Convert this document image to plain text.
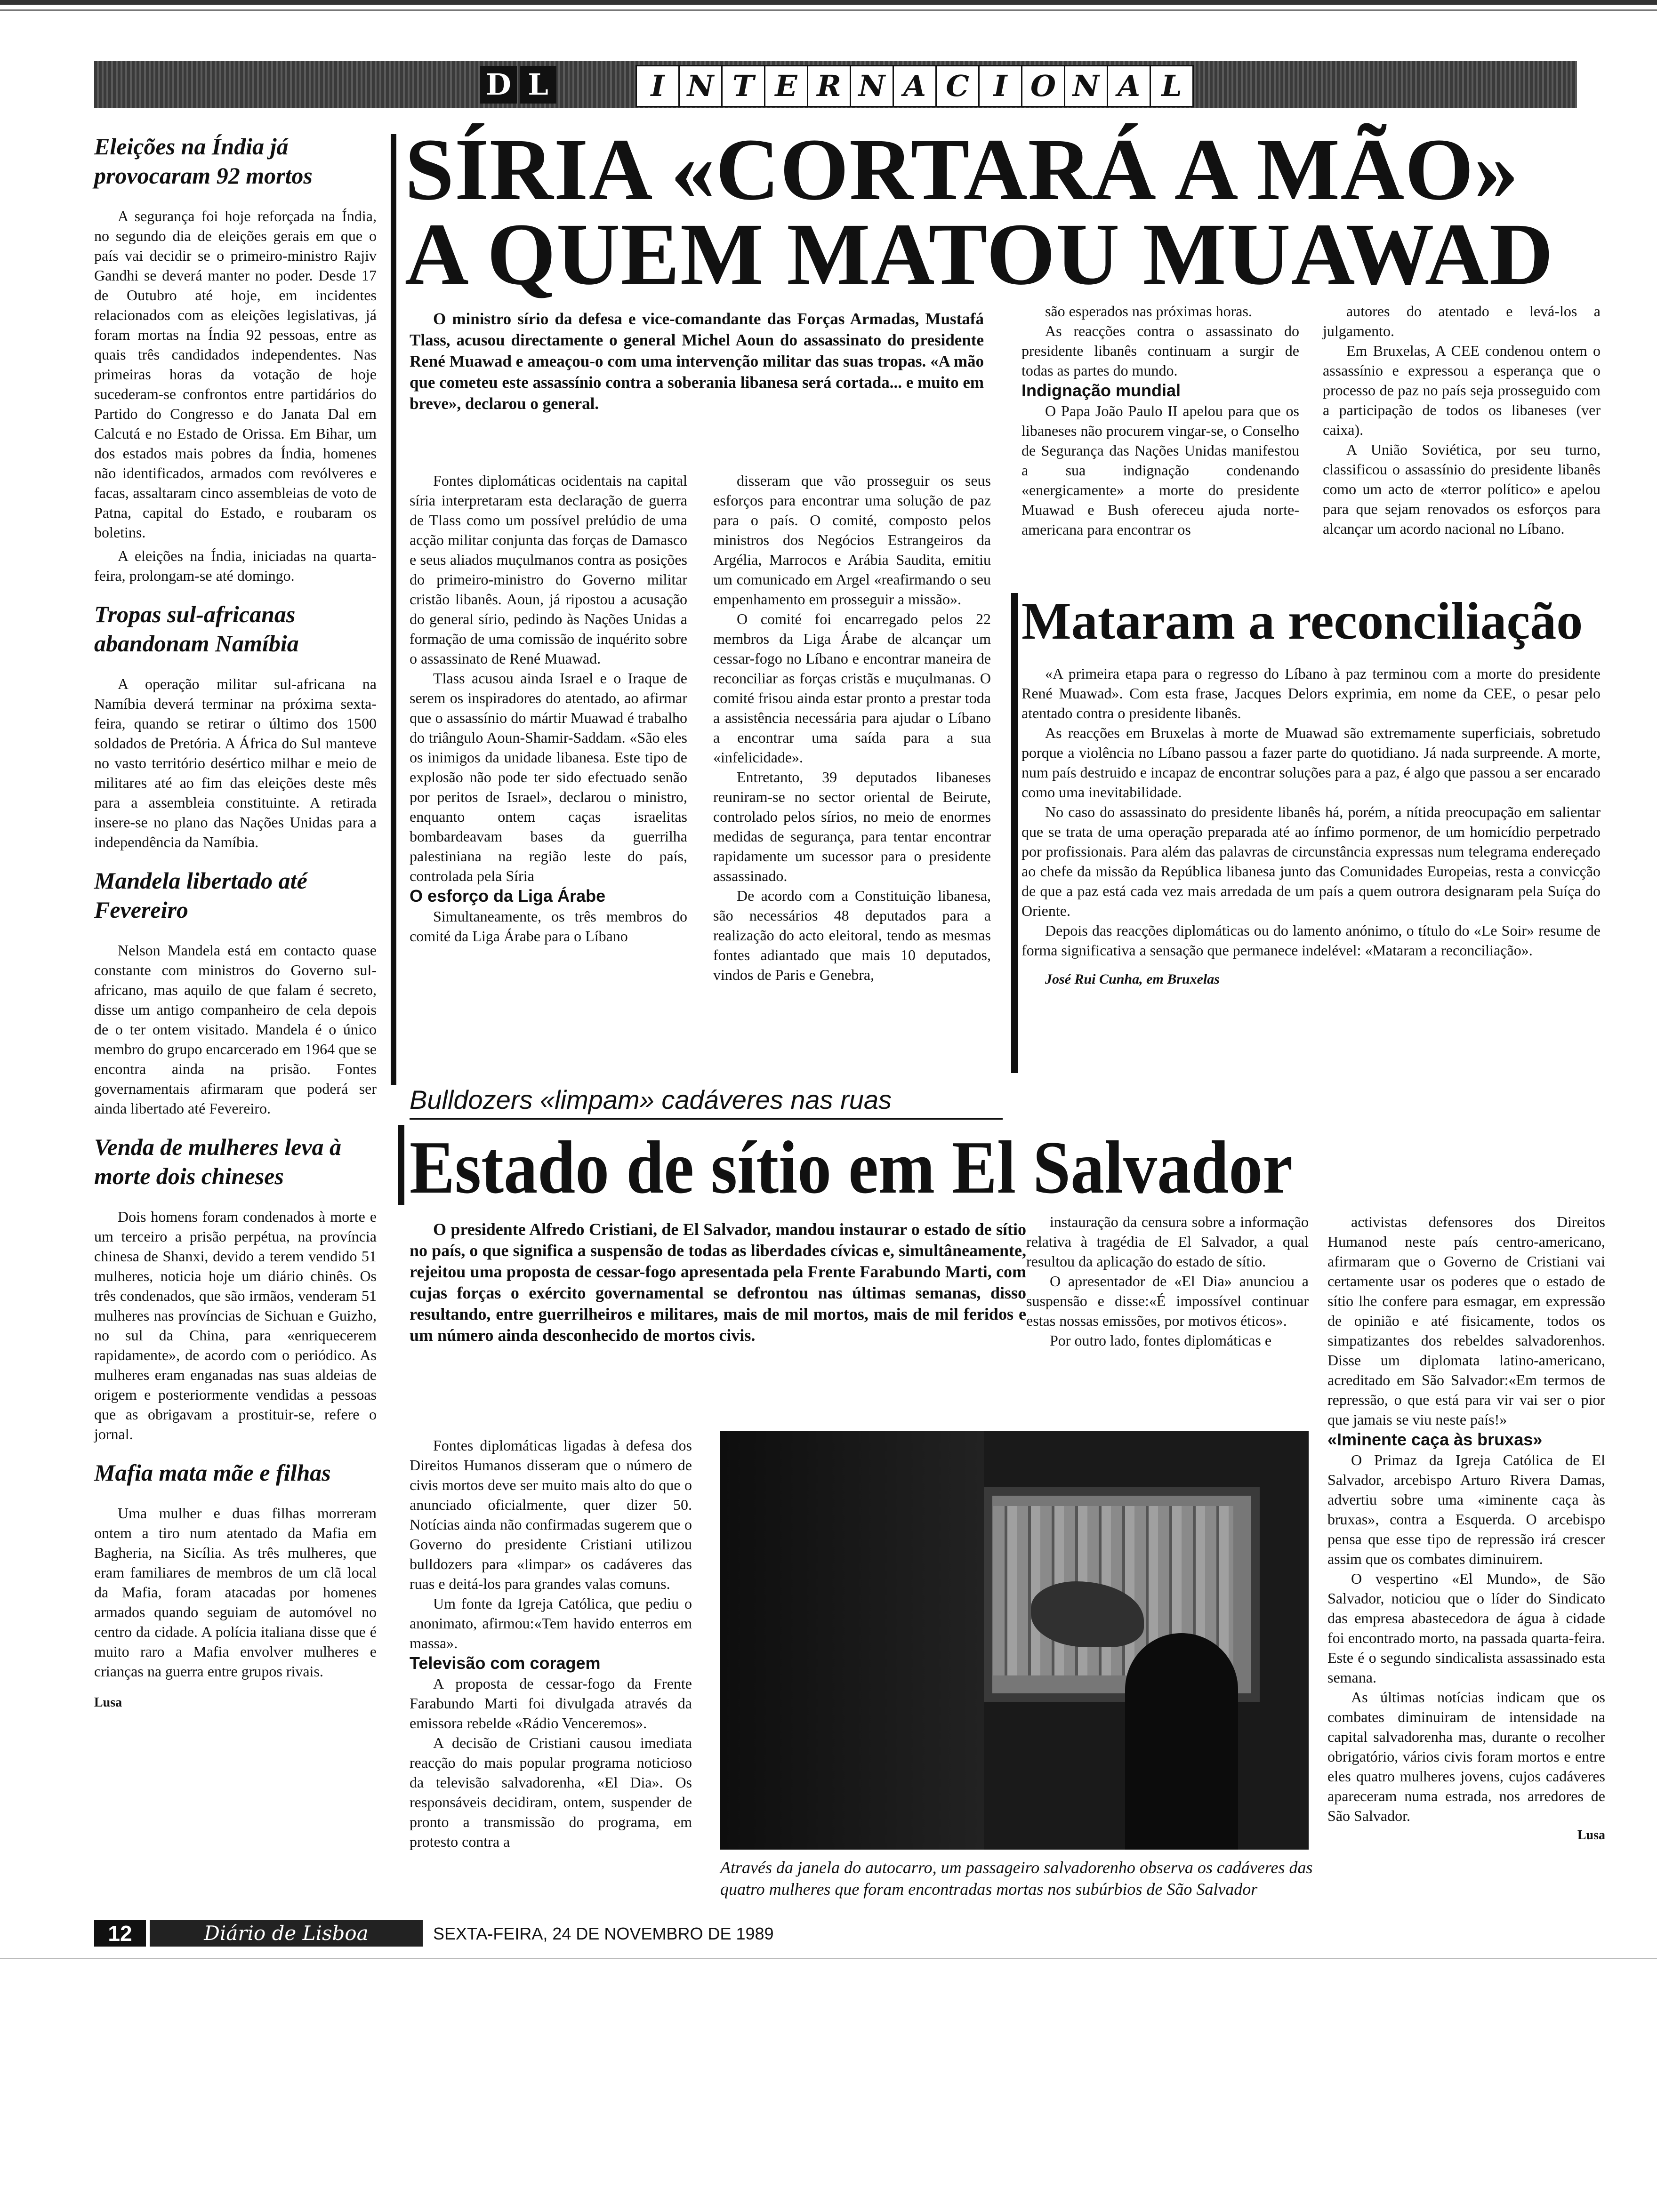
D L	I N T E R N A C I O N A L
Eleições na Índia já provocaram 92 mortos

A segurança foi hoje reforçada na Índia, no segundo dia de eleições gerais em que o país vai decidir se o primeiro-ministro Rajiv Gandhi se deverá manter no poder. Desde 17 de Outubro até hoje, em incidentes relacionados com as eleições legislativas, já foram mortas na Índia 92 pessoas, entre as quais três candidados independentes. Nas primeiras horas da votação de hoje sucederam-se confrontos entre partidários do Partido do Congresso e do Janata Dal em Calcutá e no Estado de Orissa. Em Bihar, um dos estados mais pobres da Índia, homenes não identificados, armados com revólveres e facas, assaltaram cinco assembleias de voto de Patna, capital do Estado, e roubaram os boletins.

A eleições na Índia, iniciadas na quarta-feira, prolongam-se até domingo.

Tropas sul-africanas abandonam Namíbia

A operação militar sul-africana na Namíbia deverá terminar na próxima sexta-feira, quando se retirar o último dos 1500 soldados de Pretória. A África do Sul manteve no vasto território desértico milhar e meio de militares até ao fim das eleições deste mês para a assembleia constituinte. A retirada insere-se no plano das Nações Unidas para a independência da Namíbia.

Mandela libertado até Fevereiro

Nelson Mandela está em contacto quase constante com ministros do Governo sul-africano, mas aquilo de que falam é secreto, disse um antigo companheiro de cela depois de o ter ontem visitado. Mandela é o único membro do grupo encarcerado em 1964 que se encontra ainda na prisão. Fontes governamentais afirmaram que poderá ser ainda libertado até Fevereiro.

Venda de mulheres leva à morte dois chineses

Dois homens foram condenados à morte e um terceiro a prisão perpétua, na província chinesa de Shanxi, devido a terem vendido 51 mulheres, noticia hoje um diário chinês. Os três condenados, que são irmãos, venderam 51 mulheres nas províncias de Sichuan e Guizho, no sul da China, para «enriquecerem rapidamente», de acordo com o periódico. As mulheres eram enganadas nas suas aldeias de origem e posteriormente vendidas a pessoas que as obrigavam a prostituir-se, refere o jornal.

Mafia mata mãe e filhas

Uma mulher e duas filhas morreram ontem a tiro num atentado da Mafia em Bagheria, na Sicília. As três mulheres, que eram familiares de membros de um clã local da Mafia, foram atacadas por homenes armados quando seguiam de automóvel no centro da cidade. A polícia italiana disse que é muito raro a Mafia envolver mulheres e crianças na guerra entre grupos rivais.

Lusa
SÍRIA «CORTARÁ A MÃO»
A QUEM MATOU MUAWAD

O ministro sírio da defesa e vice-comandante das Forças Armadas, Mustafá Tlass, acusou directamente o general Michel Aoun do assassinato do presidente René Muawad e ameaçou-o com uma intervenção militar das suas tropas. «A mão que cometeu este assassínio contra a soberania libanesa será cortada... e muito em breve», declarou o general.

Fontes diplomáticas ocidentais na capital síria interpretaram esta declaração de guerra de Tlass como um possível prelúdio de uma acção militar conjunta das forças de Damasco e seus aliados muçulmanos contra as posições do primeiro-ministro do Governo militar cristão libanês. Aoun, já ripostou a acusação do general sírio, pedindo às Nações Unidas a formação de uma comissão de inquérito sobre o assassinato de René Muawad.

Tlass acusou ainda Israel e o Iraque de serem os inspiradores do atentado, ao afirmar que o assassínio do mártir Muawad é trabalho do triângulo Aoun-Shamir-Saddam. «São eles os inimigos da unidade libanesa. Este tipo de explosão não pode ter sido efectuado senão por peritos de Israel», declarou o ministro, enquanto ontem caças israelitas bombardeavam bases da guerrilha palestiniana na região leste do país, controlada pela Síria

O esforço da Liga Árabe

Simultaneamente, os três membros do comité da Liga Árabe para o Líbano

disseram que vão prosseguir os seus esforços para encontrar uma solução de paz para o país. O comité, composto pelos ministros dos Negócios Estrangeiros da Argélia, Marrocos e Arábia Saudita, emitiu um comunicado em Argel «reafirmando o seu empenhamento em prosseguir a missão».

O comité foi encarregado pelos 22 membros da Liga Árabe de alcançar um cessar-fogo no Líbano e encontrar maneira de reconciliar as forças cristãs e muçulmanas. O comité frisou ainda estar pronto a prestar toda a assistência necessária para ajudar o Líbano a encontrar uma saída para a sua «infelicidade».

Entretanto, 39 deputados libaneses reuniram-se no sector oriental de Beirute, controlado pelos sírios, no meio de enormes medidas de segurança, para tentar encontrar rapidamente um sucessor para o presidente assassinado.

De acordo com a Constituição libanesa, são necessários 48 deputados para a realização do acto eleitoral, tendo as mesmas fontes adiantado que mais 10 deputados, vindos de Paris e Genebra,

são esperados nas próximas horas.

As reacções contra o assassinato do presidente libanês continuam a surgir de todas as partes do mundo.

Indignação mundial

O Papa João Paulo II apelou para que os libaneses não procurem vingar-se, o Conselho de Segurança das Nações Unidas manifestou a sua indignação condenando «energicamente» a morte do presidente Muawad e Bush ofereceu ajuda norte-americana para encontrar os

autores do atentado e levá-los a julgamento.

Em Bruxelas, A CEE condenou ontem o assassínio e expressou a esperança que o processo de paz no país seja prosseguido com a participação de todos os libaneses (ver caixa).

A União Soviética, por seu turno, classificou o assassínio do presidente libanês como um acto de «terror político» e apelou para que sejam renovados os esforços para alcançar um acordo nacional no Líbano.

Mataram a reconciliação

«A primeira etapa para o regresso do Líbano à paz terminou com a morte do presidente René Muawad». Com esta frase, Jacques Delors exprimia, em nome da CEE, o pesar pelo atentado contra o presidente libanês.

As reacções em Bruxelas à morte de Muawad são extremamente superficiais, sobretudo porque a violência no Líbano passou a fazer parte do quotidiano. Já nada surpreende. A morte, num país destruido e incapaz de encontrar soluções para a paz, é algo que passou a ser encarado como uma inevitabilidade.

No caso do assassinato do presidente libanês há, porém, a nítida preocupação em salientar que se trata de uma operação preparada até ao ínfimo pormenor, de um homicídio perpetrado por profissionais. Para além das palavras de circunstância expressas num telegrama endereçado ao chefe da missão da República libanesa junto das Comunidades Europeias, resta a convicção de que a paz está cada vez mais arredada de um país a quem outrora designaram pela Suíça do Oriente.

Depois das reacções diplomáticas ou do lamento anónimo, o título do «Le Soir» resume de forma significativa a sensação que permanece indelével: «Mataram a reconciliação».

José Rui Cunha, em Bruxelas

Bulldozers «limpam» cadáveres nas ruas

Estado de sítio em El Salvador

O presidente Alfredo Cristiani, de El Salvador, mandou instaurar o estado de sítio no país, o que significa a suspensão de todas as liberdades cívicas e, simultâneamente, rejeitou uma proposta de cessar-fogo apresentada pela Frente Farabundo Marti, com cujas forças o exército governamental se defrontou nas últimas semanas, disso resultando, entre guerrilheiros e militares, mais de mil mortos, mais de mil feridos e um número ainda desconhecido de mortos civis.

Fontes diplomáticas ligadas à defesa dos Direitos Humanos disseram que o número de civis mortos deve ser muito mais alto do que o anunciado oficialmente, quer dizer 50. Notícias ainda não confirmadas sugerem que o Governo do presidente Cristiani utilizou bulldozers para «limpar» os cadáveres das ruas e deitá-los para grandes valas comuns.

Um fonte da Igreja Católica, que pediu o anonimato, afirmou:«Tem havido enterros em massa».

Televisão com coragem

A proposta de cessar-fogo da Frente Farabundo Marti foi divulgada através da emissora rebelde «Rádio Venceremos».

A decisão de Cristiani causou imediata reacção do mais popular programa noticioso da televisão salvadorenha, «El Dia». Os responsáveis decidiram, ontem, suspender de pronto a transmissão do programa, em protesto contra a

instauração da censura sobre a informação relativa à tragédia de El Salvador, a qual resultou da aplicação do estado de sítio.

O apresentador de «El Dia» anunciou a suspensão e disse:«É impossível continuar estas nossas emissões, por motivos éticos».

Por outro lado, fontes diplomáticas e

activistas defensores dos Direitos Humanod neste país centro-americano, afirmaram que o Governo de Cristiani vai certamente usar os poderes que o estado de sítio lhe confere para esmagar, em expressão de opinião e até fisicamente, todos os simpatizantes dos rebeldes salvadorenhos. Disse um diplomata latino-americano, acreditado em São Salvador:«Em termos de repressão, o que está para vir vai ser o pior que jamais se viu neste país!»

«Iminente caça às bruxas»

O Primaz da Igreja Católica de El Salvador, arcebispo Arturo Rivera Damas, advertiu sobre uma «iminente caça às bruxas», contra a Esquerda. O arcebispo pensa que esse tipo de repressão irá crescer assim que os combates diminuirem.

O vespertino «El Mundo», de São Salvador, noticiou que o líder do Sindicato das empresa abastecedora de água à cidade foi encontrado morto, na passada quarta-feira. Este é o segundo sindicalista assassinado esta semana.

As últimas notícias indicam que os combates diminuiram de intensidade na capital salvadorenha mas, durante o recolher obrigatório, vários civis foram mortos e entre eles quatro mulheres jovens, cujos cadáveres apareceram numa estrada, nos arredores de São Salvador.

Lusa

Através da janela do autocarro, um passageiro salvadorenho observa os cadáveres das quatro mulheres que foram encontradas mortas nos subúrbios de São Salvador

12	Diário de Lisboa	SEXTA-FEIRA, 24 DE NOVEMBRO DE 1989
